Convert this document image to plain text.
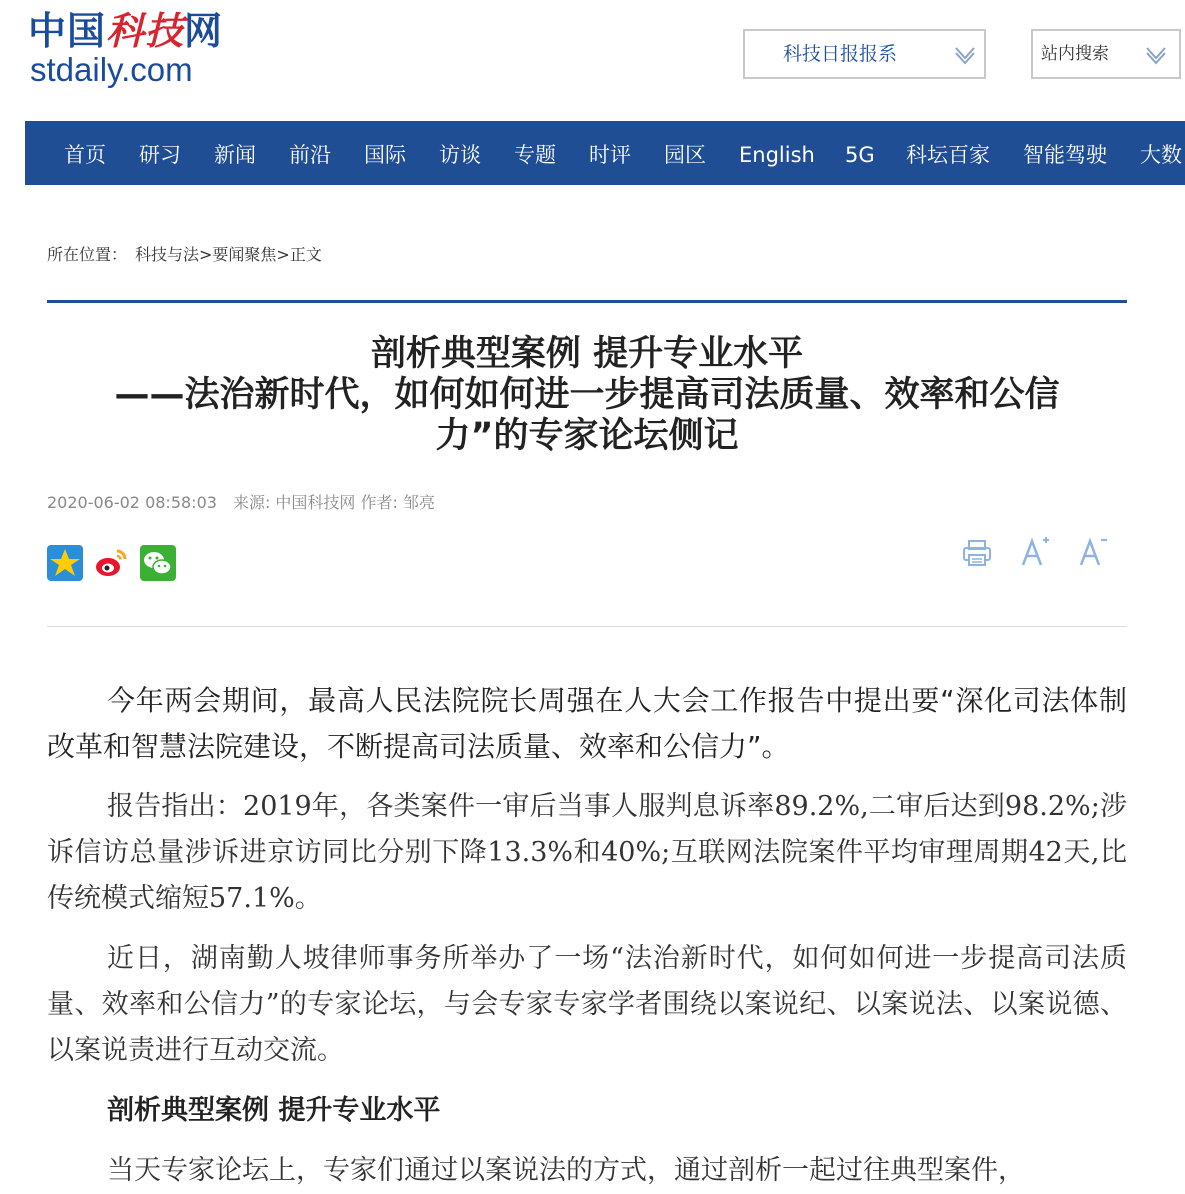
中国科技网
stdaily.com	科技日报报系	站内搜索
首页 研习 新闻 前沿 国际 访谈 专题 时评 园区 English 5G 科坛百家 智能驾驶 大数
所在位置： 科技与法>要闻聚焦>正文
剖析典型案例 提升专业水平
——法治新时代，如何如何进一步提高司法质量、效率和公信
力”的专家论坛侧记
2020-06-02 08:58:03 来源: 中国科技网 作者: 邹亮

今年两会期间，最高人民法院院长周强在人大会工作报告中提出要“深化司法体制改革和智慧法院建设，不断提高司法质量、效率和公信力”。

报告指出：2019年，各类案件一审后当事人服判息诉率89.2%,二审后达到98.2%;涉诉信访总量涉诉进京访同比分别下降13.3%和40%;互联网法院案件平均审理周期42天,比传统模式缩短57.1%。

近日，湖南勤人坡律师事务所举办了一场“法治新时代，如何如何进一步提高司法质量、效率和公信力”的专家论坛，与会专家专家学者围绕以案说纪、以案说法、以案说德、以案说责进行互动交流。

剖析典型案例 提升专业水平

当天专家论坛上，专家们通过以案说法的方式，通过剖析一起过往典型案件，
